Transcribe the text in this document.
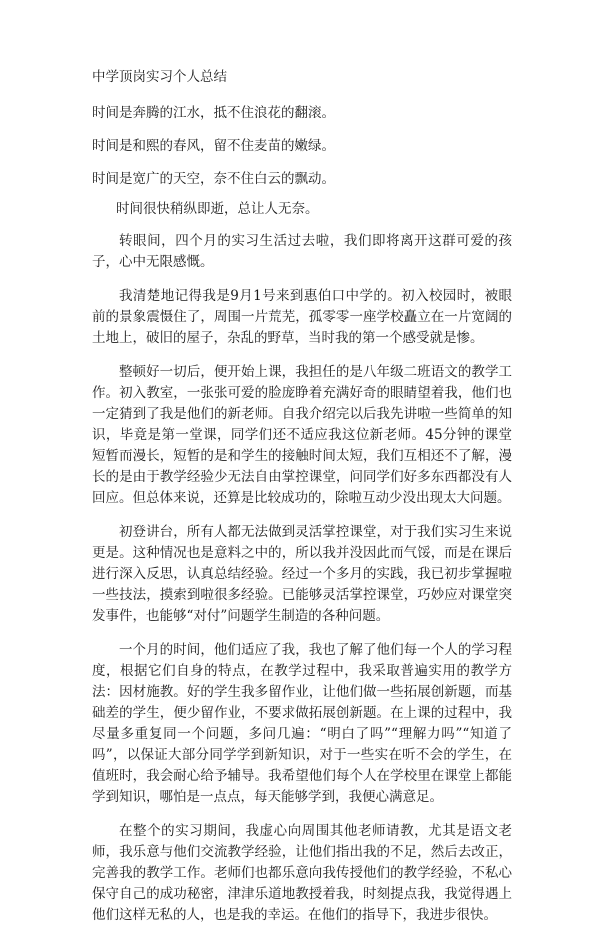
中学顶岗实习个人总结

时间是奔腾的江水，抵不住浪花的翻滚。

时间是和熙的春风，留不住麦苗的嫩绿。

时间是宽广的天空，奈不住白云的飘动。

时间很快稍纵即逝，总让人无奈。

转眼间，四个月的实习生活过去啦，我们即将离开这群可爱的孩子，心中无限感慨。

我清楚地记得我是9月1号来到惠伯口中学的。初入校园时，被眼前的景象震慑住了，周围一片荒芜，孤零零一座学校矗立在一片宽阔的土地上，破旧的屋子，杂乱的野草，当时我的第一个感受就是惨。

整顿好一切后，便开始上课，我担任的是八年级二班语文的教学工作。初入教室，一张张可爱的脸庞睁着充满好奇的眼睛望着我，他们也一定猜到了我是他们的新老师。自我介绍完以后我先讲啦一些简单的知识，毕竟是第一堂课，同学们还不适应我这位新老师。45分钟的课堂短暂而漫长，短暂的是和学生的接触时间太短，我们互相还不了解，漫长的是由于教学经验少无法自由掌控课堂，问同学们好多东西都没有人回应。但总体来说，还算是比较成功的，除啦互动少没出现太大问题。

初登讲台，所有人都无法做到灵活掌控课堂，对于我们实习生来说更是。这种情况也是意料之中的，所以我并没因此而气馁，而是在课后进行深入反思，认真总结经验。经过一个多月的实践，我已初步掌握啦一些技法，摸索到啦很多经验。已能够灵活掌控课堂，巧妙应对课堂突发事件，也能够“对付”问题学生制造的各种问题。

一个月的时间，他们适应了我，我也了解了他们每一个人的学习程度，根据它们自身的特点，在教学过程中，我采取普遍实用的教学方法：因材施教。好的学生我多留作业，让他们做一些拓展创新题，而基础差的学生，便少留作业，不要求做拓展创新题。在上课的过程中，我尽量多重复同一个问题，多问几遍：“明白了吗”“理解力吗”“知道了吗”，以保证大部分同学学到新知识，对于一些实在听不会的学生，在值班时，我会耐心给予辅导。我希望他们每个人在学校里在课堂上都能学到知识，哪怕是一点点，每天能够学到，我便心满意足。

在整个的实习期间，我虚心向周围其他老师请教，尤其是语文老师，我乐意与他们交流教学经验，让他们指出我的不足，然后去改正，完善我的教学工作。老师们也都乐意向我传授他们的教学经验，不私心保守自己的成功秘密，津津乐道地教授着我，时刻提点我，我觉得遇上他们这样无私的人，也是我的幸运。在他们的指导下，我进步很快。
